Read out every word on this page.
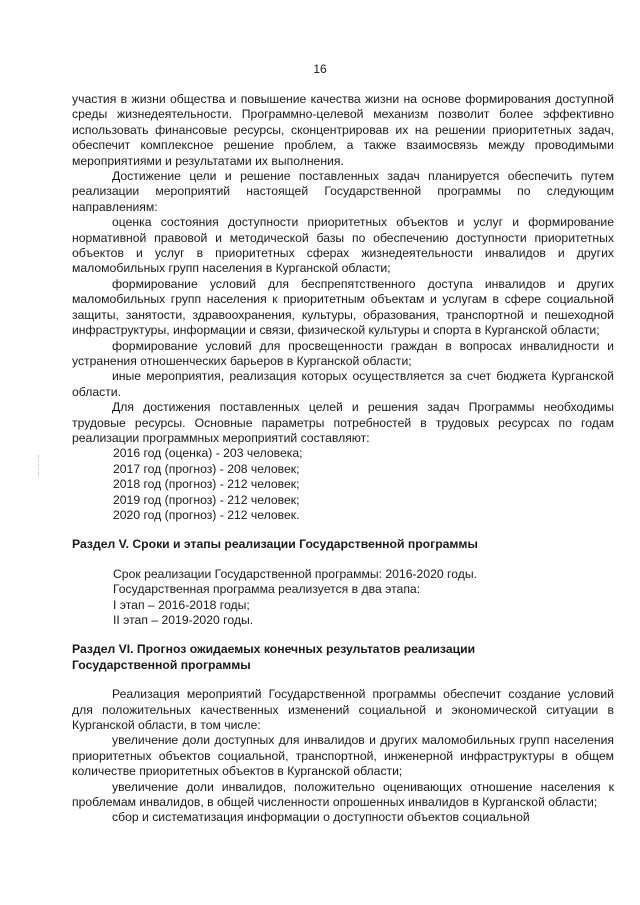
16

участия в жизни общества и повышение качества жизни на основе формирования доступной среды жизнедеятельности. Программно-целевой механизм позволит более эффективно использовать финансовые ресурсы, сконцентрировав их на решении приоритетных задач, обеспечит комплексное решение проблем, а также взаимосвязь между проводимыми мероприятиями и результатами их выполнения.

Достижение цели и решение поставленных задач планируется обеспечить путем реализации мероприятий настоящей Государственной программы по следующим направлениям:

оценка состояния доступности приоритетных объектов и услуг и формирование нормативной правовой и методической базы по обеспечению доступности приоритетных объектов и услуг в приоритетных сферах жизнедеятельности инвалидов и других маломобильных групп населения в Курганской области;

формирование условий для беспрепятственного доступа инвалидов и других маломобильных групп населения к приоритетным объектам и услугам в сфере социальной защиты, занятости, здравоохранения, культуры, образования, транспортной и пешеходной инфраструктуры, информации и связи, физической культуры и спорта в Курганской области;

формирование условий для просвещенности граждан в вопросах инвалидности и устранения отношенческих барьеров в Курганской области;

иные мероприятия, реализация которых осуществляется за счет бюджета Курганской области.

Для достижения поставленных целей и решения задач Программы необходимы трудовые ресурсы. Основные параметры потребностей в трудовых ресурсах по годам реализации программных мероприятий составляют:

2016 год (оценка) - 203 человека;

2017 год (прогноз) - 208 человек;

2018 год (прогноз) - 212 человек;

2019 год (прогноз) - 212 человек;

2020 год (прогноз) - 212 человек.

Раздел V. Сроки и этапы реализации Государственной программы

Срок реализации Государственной программы: 2016-2020 годы.

Государственная программа реализуется в два этапа:

I этап – 2016-2018 годы;

II этап – 2019-2020 годы.

Раздел VI. Прогноз ожидаемых конечных результатов реализации

Государственной программы

Реализация мероприятий Государственной программы обеспечит создание условий для положительных качественных изменений социальной и экономической ситуации в Курганской области, в том числе:

увеличение доли доступных для инвалидов и других маломобильных групп населения приоритетных объектов социальной, транспортной, инженерной инфраструктуры в общем количестве приоритетных объектов в Курганской области;

увеличение доли инвалидов, положительно оценивающих отношение населения к проблемам инвалидов, в общей численности опрошенных инвалидов в Курганской области;

сбор и систематизация информации о доступности объектов социальной
